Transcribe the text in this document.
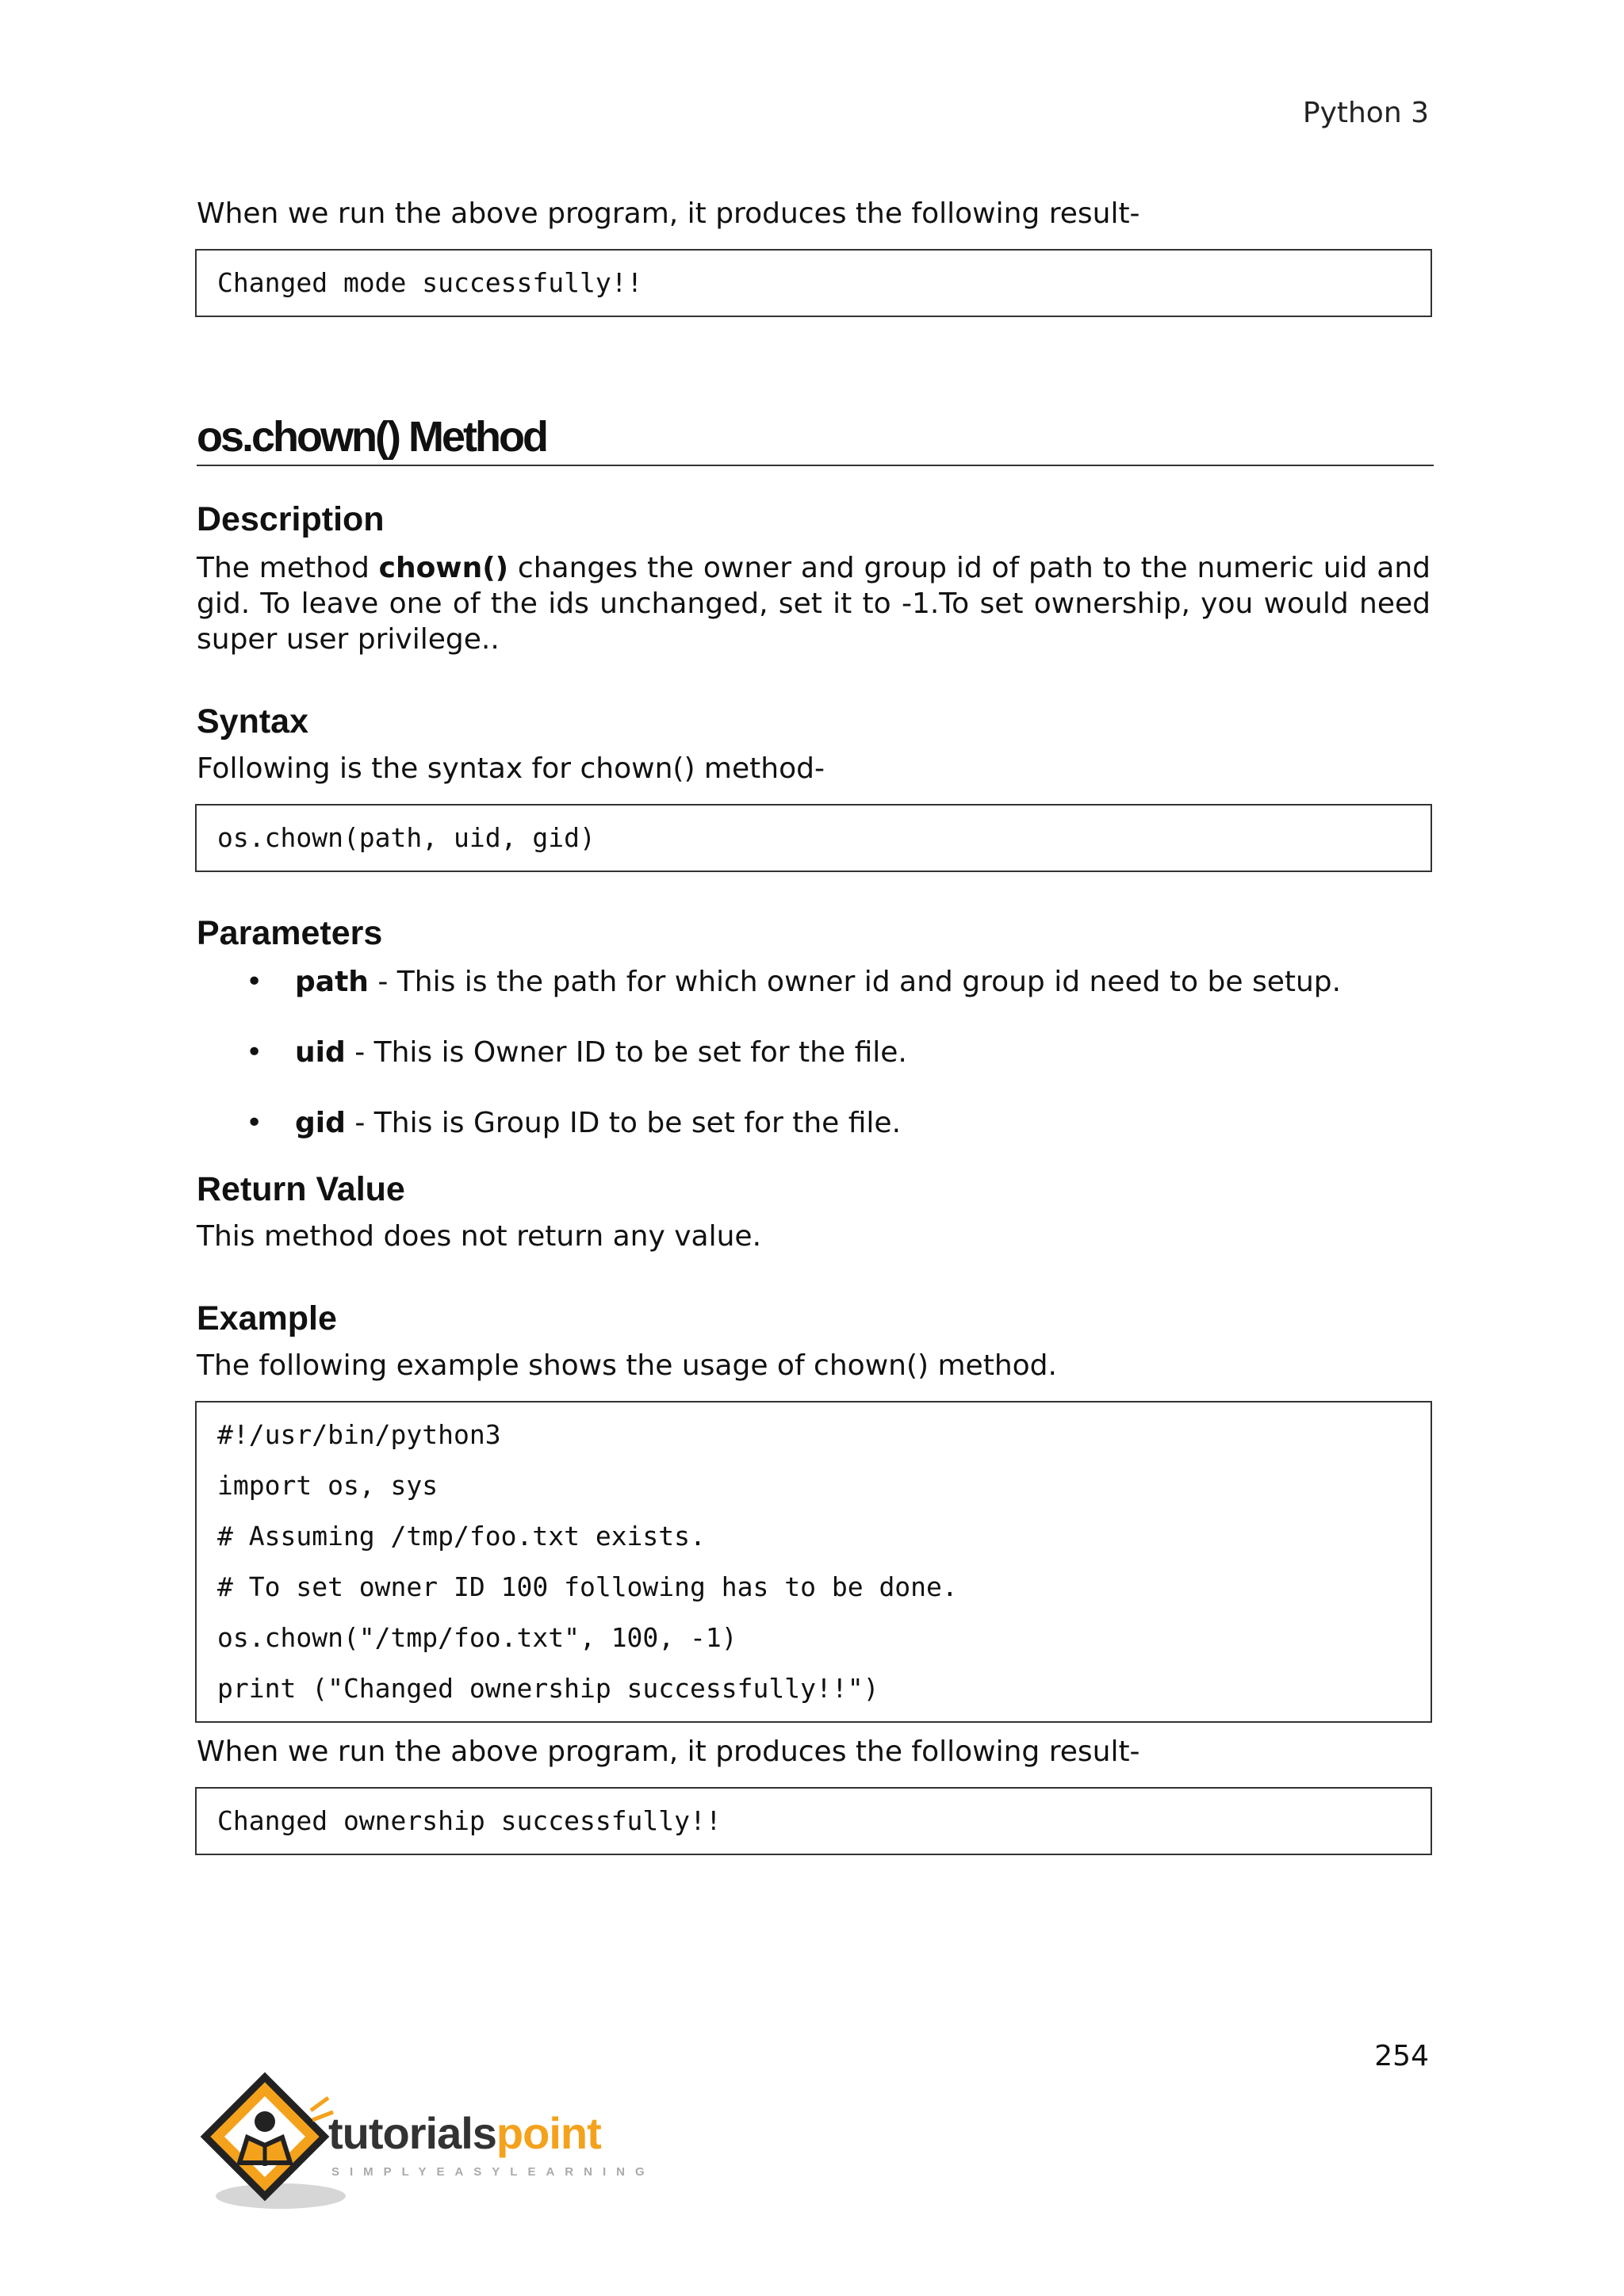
Python 3

When we run the above program, it produces the following result-

Changed mode successfully!!
os.chown() Method
Description

The method chown() changes the owner and group id of path to the numeric uid and gid. To leave one of the ids unchanged, set it to -1.To set ownership, you would need super user privilege..

Syntax

Following is the syntax for chown() method-

os.chown(path, uid, gid)
Parameters
• path - This is the path for which owner id and group id need to be setup.
• uid - This is Owner ID to be set for the file.
• gid - This is Group ID to be set for the file.
Return Value

This method does not return any value.

Example

The following example shows the usage of chown() method.

#!/usr/bin/python3
import os, sys
# Assuming /tmp/foo.txt exists.
# To set owner ID 100 following has to be done.
os.chown("/tmp/foo.txt", 100, -1)
print ("Changed ownership successfully!!")

When we run the above program, it produces the following result-

Changed ownership successfully!!
254
tutorialspoint
SIMPLYEASYLEARNING
